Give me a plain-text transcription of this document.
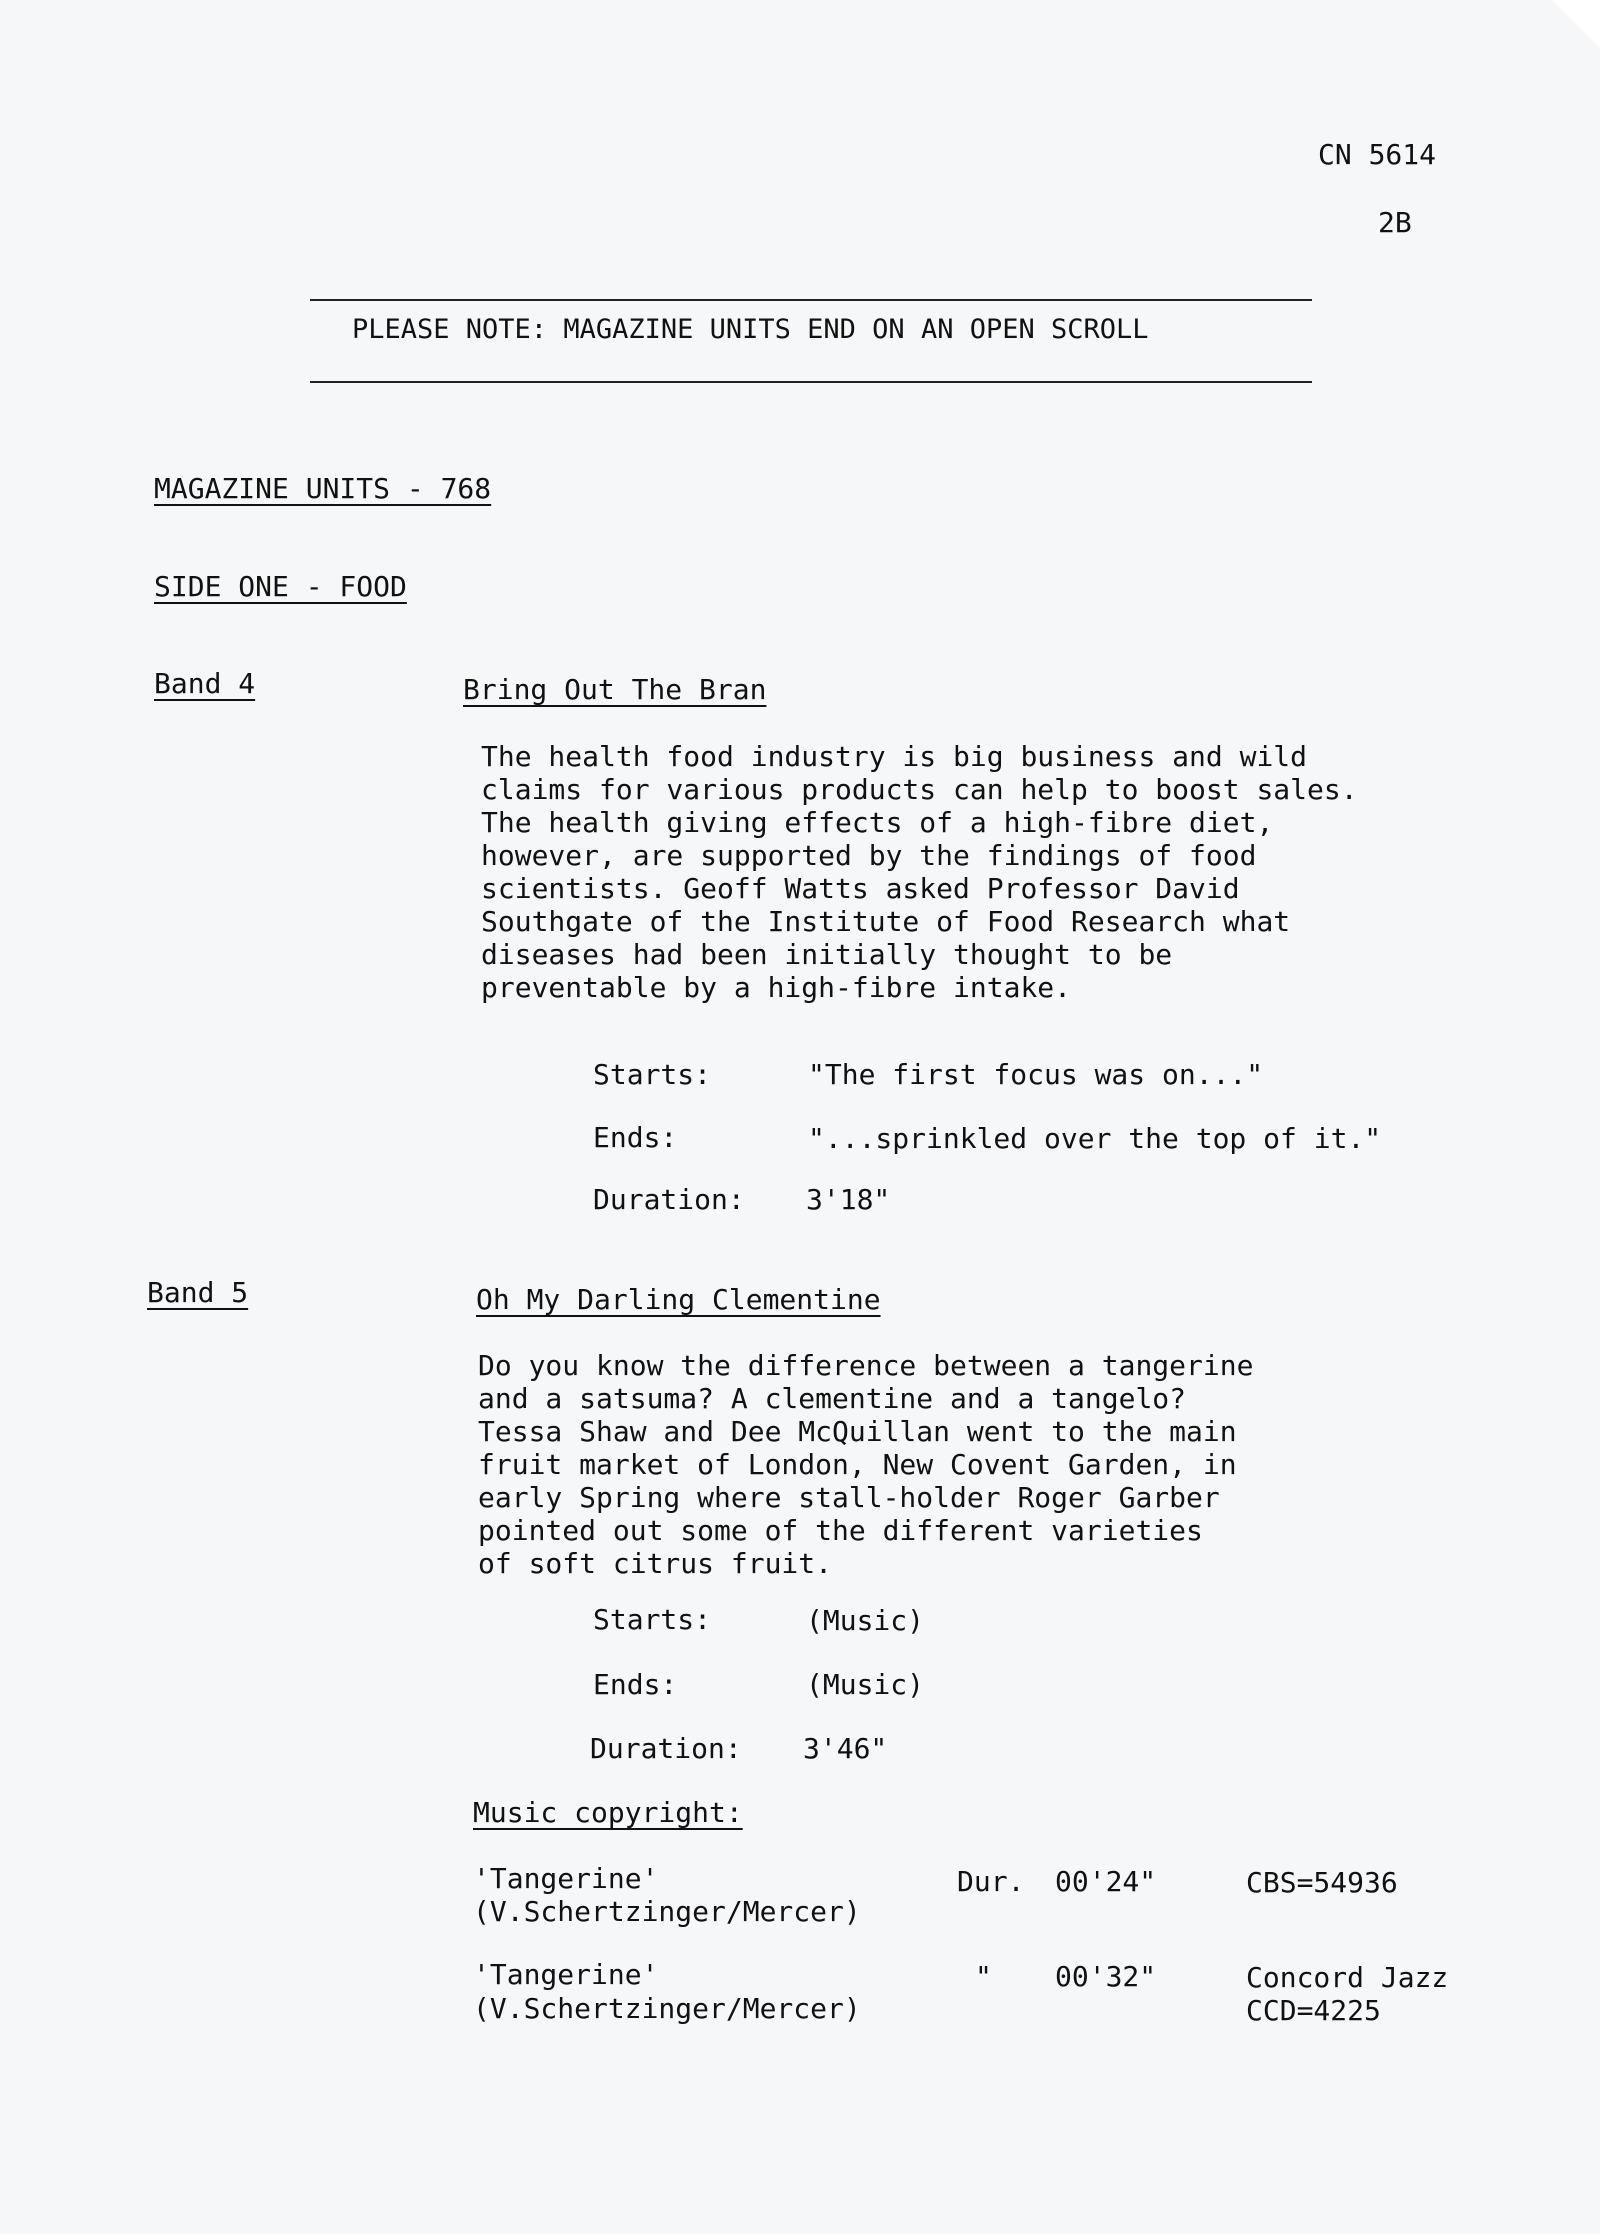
CN 5614
2B
PLEASE NOTE: MAGAZINE UNITS END ON AN OPEN SCROLL
MAGAZINE UNITS - 768
SIDE ONE - FOOD
Band 4	Bring Out The Bran

The health food industry is big business and wild

claims for various products can help to boost sales.

The health giving effects of a high-fibre diet,

however, are supported by the findings of food

scientists. Geoff Watts asked Professor David

Southgate of the Institute of Food Research what

diseases had been initially thought to be

preventable by a high-fibre intake.

Starts:	"The first focus was on..."
Ends:	"...sprinkled over the top of it."
Duration:	3'18"
Band 5	Oh My Darling Clementine

Do you know the difference between a tangerine

and a satsuma? A clementine and a tangelo?

Tessa Shaw and Dee McQuillan went to the main

fruit market of London, New Covent Garden, in

early Spring where stall-holder Roger Garber

pointed out some of the different varieties

of soft citrus fruit.

Starts:	(Music)
Ends:	(Music)
Duration:	3'46"
Music copyright:
'Tangerine'
(V.Schertzinger/Mercer)
Dur. 00'24"	CBS=54936
'Tangerine'
(V.Schertzinger/Mercer)
" 00'32"	Concord Jazz
CCD=4225
